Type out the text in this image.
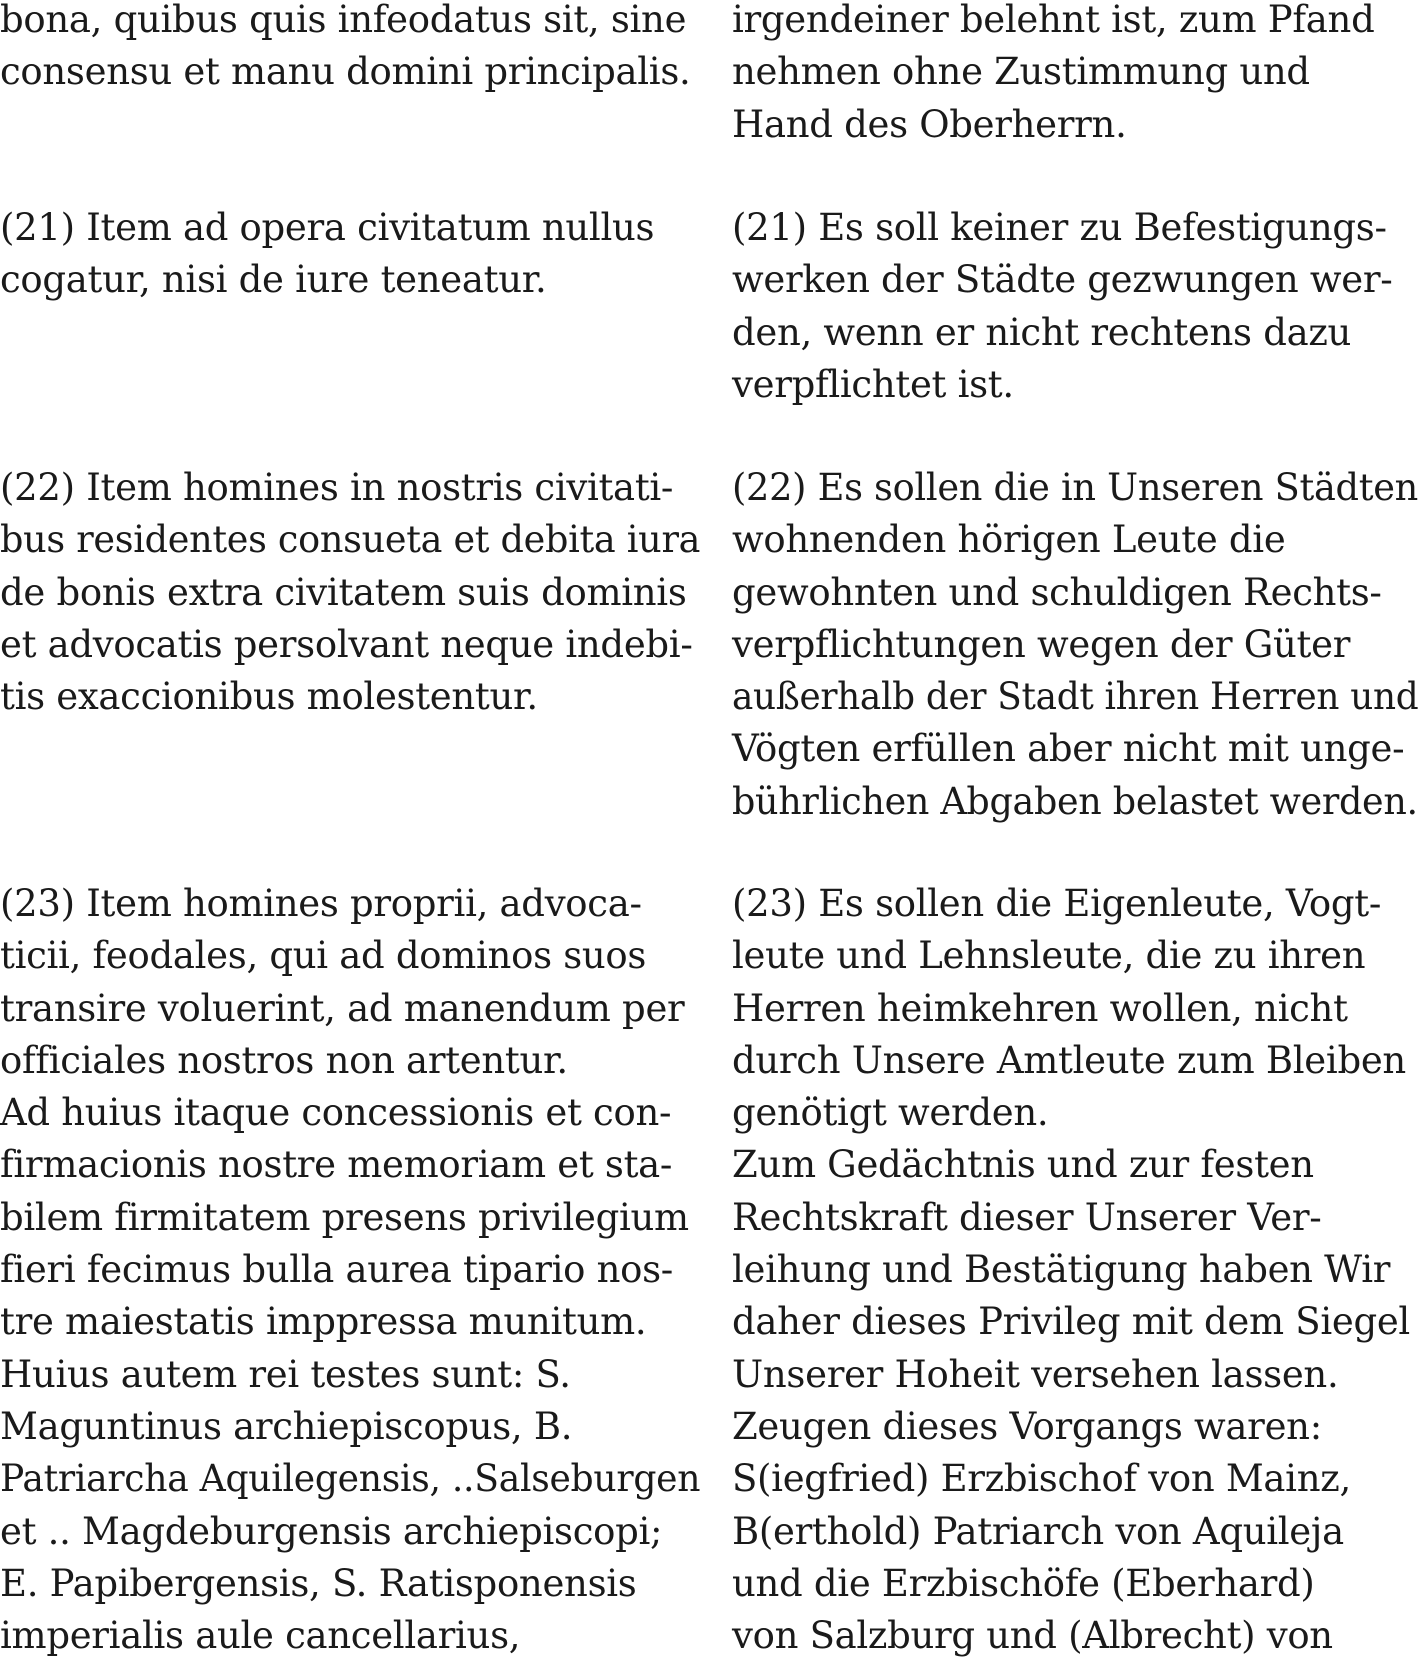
bona, quibus quis infeodatus sit, sine
consensu et manu domini principalis.
(21) Item ad opera civitatum nullus
cogatur, nisi de iure teneatur.
(22) Item homines in nostris civitati-
bus residentes consueta et debita iura
de bonis extra civitatem suis dominis
et advocatis persolvant neque indebi-
tis exaccionibus molestentur.
(23) Item homines proprii, advoca-
ticii, feodales, qui ad dominos suos
transire voluerint, ad manendum per
officiales nostros non artentur.
Ad huius itaque concessionis et con-
firmacionis nostre memoriam et sta-
bilem firmitatem presens privilegium
fieri fecimus bulla aurea tipario nos-
tre maiestatis imppressa munitum.
Huius autem rei testes sunt: S.
Maguntinus archiepiscopus, B.
Patriarcha Aquilegensis, ..Salseburgen
et .. Magdeburgensis archiepiscopi;
E. Papibergensis, S. Ratisponensis
imperialis aule cancellarius,
irgendeiner belehnt ist, zum Pfand
nehmen ohne Zustimmung und
Hand des Oberherrn.
(21) Es soll keiner zu Befestigungs-
werken der Städte gezwungen wer-
den, wenn er nicht rechtens dazu
verpflichtet ist.
(22) Es sollen die in Unseren Städten
wohnenden hörigen Leute die
gewohnten und schuldigen Rechts-
verpflichtungen wegen der Güter
außerhalb der Stadt ihren Herren und
Vögten erfüllen aber nicht mit unge-
bührlichen Abgaben belastet werden.
(23) Es sollen die Eigenleute, Vogt-
leute und Lehnsleute, die zu ihren
Herren heimkehren wollen, nicht
durch Unsere Amtleute zum Bleiben
genötigt werden.
Zum Gedächtnis und zur festen
Rechtskraft dieser Unserer Ver-
leihung und Bestätigung haben Wir
daher dieses Privileg mit dem Siegel
Unserer Hoheit versehen lassen.
Zeugen dieses Vorgangs waren:
S(iegfried) Erzbischof von Mainz,
B(erthold) Patriarch von Aquileja
und die Erzbischöfe (Eberhard)
von Salzburg und (Albrecht) von
